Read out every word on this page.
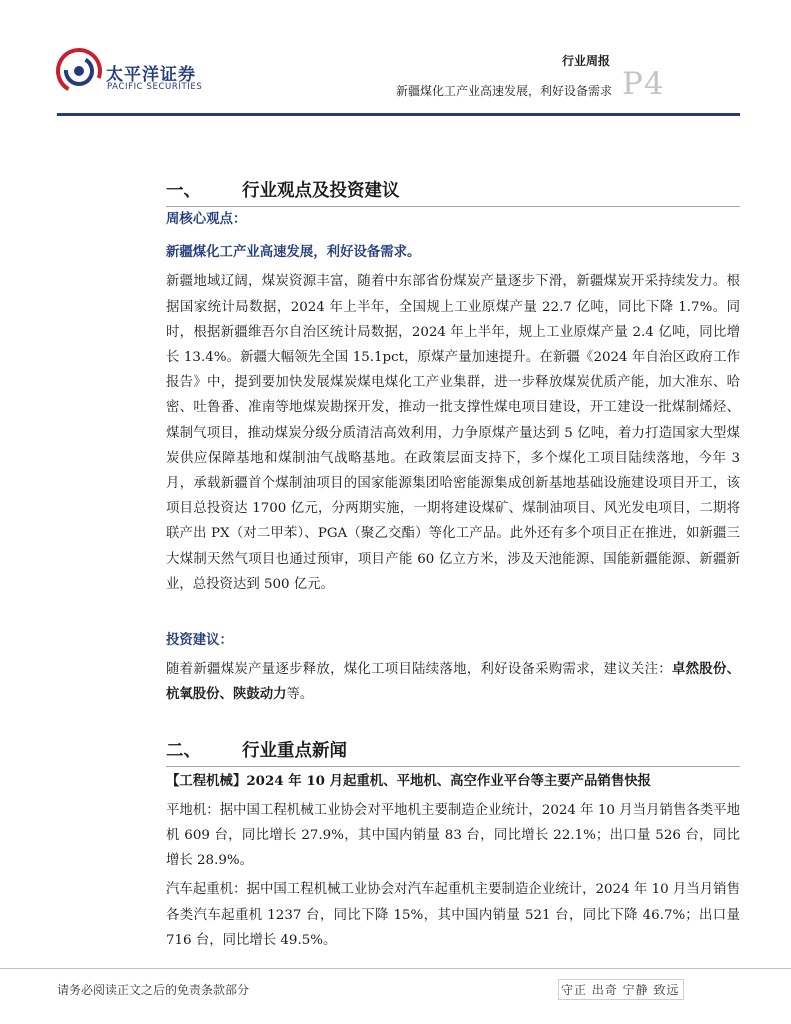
太平洋证券
PACIFIC SECURITIES
行业周报
P4
新疆煤化工产业高速发展，利好设备需求
一、	行业观点及投资建议

周核心观点：

新疆煤化工产业高速发展，利好设备需求。

新疆地域辽阔，煤炭资源丰富，随着中东部省份煤炭产量逐步下滑，新疆煤炭开采持续发力。根据国家统计局数据，2024 年上半年，全国规上工业原煤产量 22.7 亿吨，同比下降 1.7%。同时，根据新疆维吾尔自治区统计局数据，2024 年上半年，规上工业原煤产量 2.4 亿吨，同比增长 13.4%。新疆大幅领先全国 15.1pct，原煤产量加速提升。在新疆《2024 年自治区政府工作报告》中，提到要加快发展煤炭煤电煤化工产业集群，进一步释放煤炭优质产能，加大准东、哈密、吐鲁番、准南等地煤炭勘探开发，推动一批支撑性煤电项目建设，开工建设一批煤制烯烃、煤制气项目，推动煤炭分级分质清洁高效利用，力争原煤产量达到 5 亿吨，着力打造国家大型煤炭供应保障基地和煤制油气战略基地。在政策层面支持下，多个煤化工项目陆续落地，今年 3 月，承载新疆首个煤制油项目的国家能源集团哈密能源集成创新基地基础设施建设项目开工，该项目总投资达 1700 亿元，分两期实施，一期将建设煤矿、煤制油项目、风光发电项目，二期将联产出 PX（对二甲苯）、PGA（聚乙交酯）等化工产品。此外还有多个项目正在推进，如新疆三大煤制天然气项目也通过预审，项目产能 60 亿立方米，涉及天池能源、国能新疆能源、新疆新业，总投资达到 500 亿元。

投资建议：

随着新疆煤炭产量逐步释放，煤化工项目陆续落地，利好设备采购需求，建议关注：卓然股份、杭氧股份、陕鼓动力等。

二、	行业重点新闻

【工程机械】2024 年 10 月起重机、平地机、高空作业平台等主要产品销售快报

平地机：据中国工程机械工业协会对平地机主要制造企业统计，2024 年 10 月当月销售各类平地机 609 台，同比增长 27.9%，其中国内销量 83 台，同比增长 22.1%；出口量 526 台，同比增长 28.9%。

汽车起重机：据中国工程机械工业协会对汽车起重机主要制造企业统计，2024 年 10 月当月销售各类汽车起重机 1237 台，同比下降 15%，其中国内销量 521 台，同比下降 46.7%；出口量 716 台，同比增长 49.5%。

请务必阅读正文之后的免责条款部分	守正 出奇 宁静 致远
